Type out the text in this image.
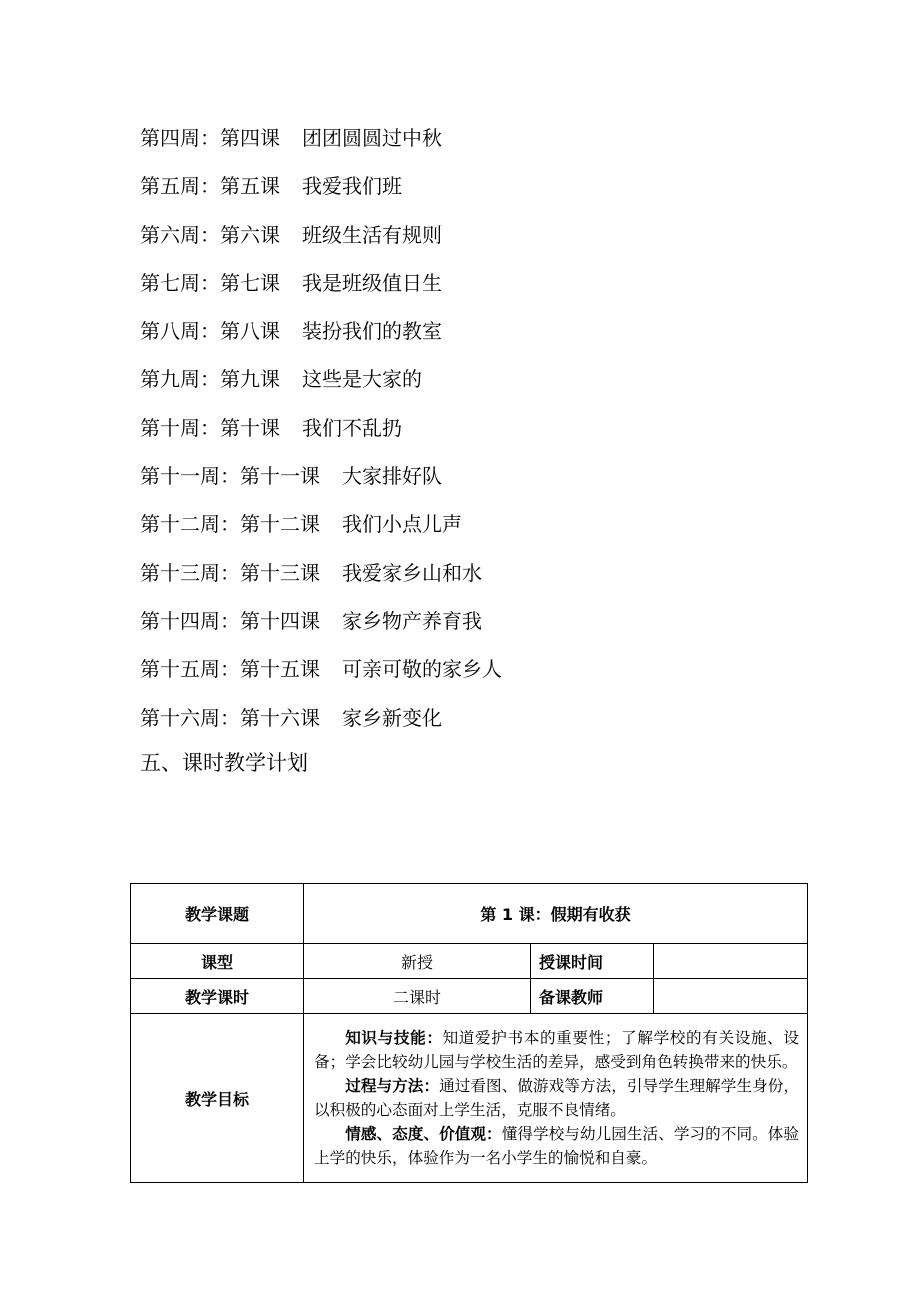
第四周：第四课 团团圆圆过中秋
第五周：第五课 我爱我们班
第六周：第六课 班级生活有规则
第七周：第七课 我是班级值日生
第八周：第八课 装扮我们的教室
第九周：第九课 这些是大家的
第十周：第十课 我们不乱扔
第十一周：第十一课 大家排好队
第十二周：第十二课 我们小点儿声
第十三周：第十三课 我爱家乡山和水
第十四周：第十四课 家乡物产养育我
第十五周：第十五课 可亲可敬的家乡人
第十六周：第十六课 家乡新变化
五、课时教学计划
教学课题	第 1 课：假期有收获		
课型	新授	授课时间	
教学课时	二课时	备课教师	
教学目标	知识与技能：知道爱护书本的重要性；了解学校的有关设施、设备；学会比较幼儿园与学校生活的差异，感受到角色转换带来的快乐。

过程与方法：通过看图、做游戏等方法，引导学生理解学生身份，以积极的心态面对上学生活，克服不良情绪。

情感、态度、价值观：懂得学校与幼儿园生活、学习的不同。体验上学的快乐，体验作为一名小学生的愉悦和自豪。		
